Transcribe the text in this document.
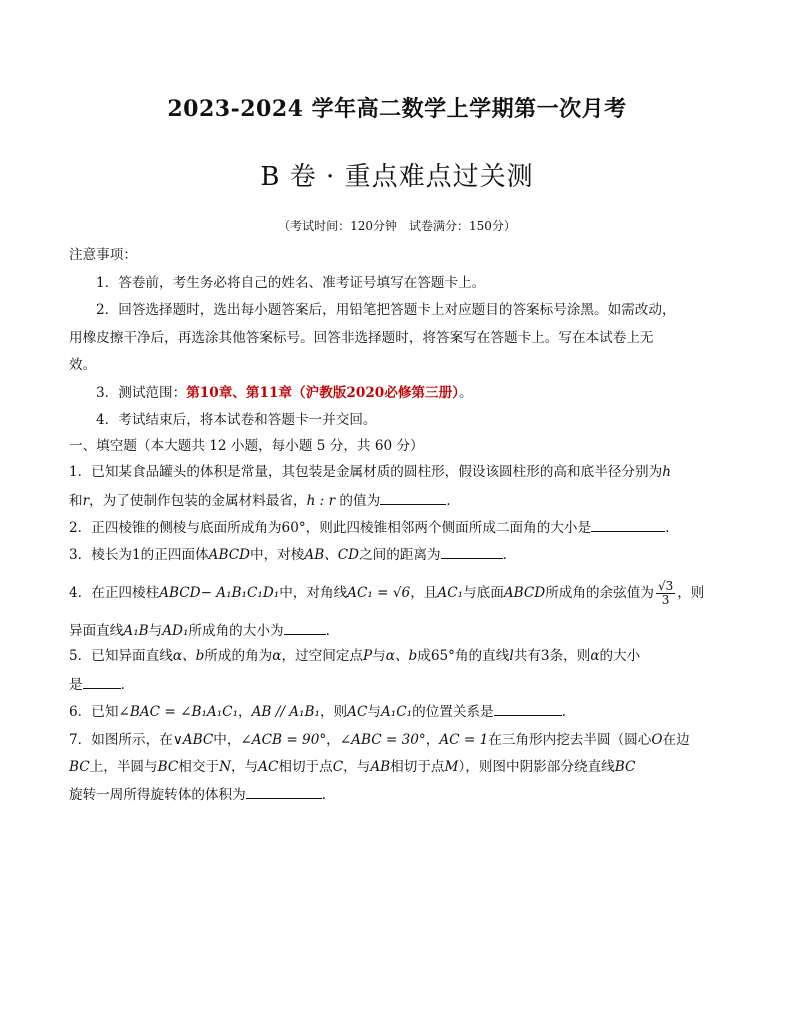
2023-2024 学年高二数学上学期第一次月考
B 卷 · 重点难点过关测
（考试时间：120分钟　试卷满分：150分）
注意事项：
1．答卷前，考生务必将自己的姓名、准考证号填写在答题卡上。
2．回答选择题时，选出每小题答案后，用铅笔把答题卡上对应题目的答案标号涂黑。如需改动，
用橡皮擦干净后，再选涂其他答案标号。回答非选择题时，将答案写在答题卡上。写在本试卷上无
效。
3．测试范围：第10章、第11章（沪教版2020必修第三册）。
4．考试结束后，将本试卷和答题卡一并交回。
一、填空题（本大题共 12 小题，每小题 5 分，共 60 分）
1．已知某食品罐头的体积是常量，其包装是金属材质的圆柱形，假设该圆柱形的高和底半径分别为h
和r，为了使制作包装的金属材料最省，h : r 的值为	.
2．正四棱锥的侧棱与底面所成角为60°，则此四棱锥相邻两个侧面所成二面角的大小是	.
3．棱长为1的正四面体ABCD中，对棱AB、CD之间的距离为	．
4．在正四棱柱ABCD− A₁B₁C₁D₁中，对角线AC₁ = √6，且AC₁与底面ABCD所成角的余弦值为 $\frac{√3}{3}$ ，则
异面直线A₁B与AD₁所成角的大小为	．
5．已知异面直线α、b所成的角为α，过空间定点P与α、b成65°角的直线l共有3条，则α的大小
是	.
6．已知∠BAC = ∠B₁A₁C₁，AB // A₁B₁，则AC与A₁C₁的位置关系是	.
7．如图所示，在∨ABC中，∠ACB = 90°，∠ABC = 30°，AC = 1在三角形内挖去半圆（圆心O在边
BC上，半圆与BC相交于N，与AC相切于点C，与AB相切于点M），则图中阴影部分绕直线BC
旋转一周所得旋转体的体积为	.
